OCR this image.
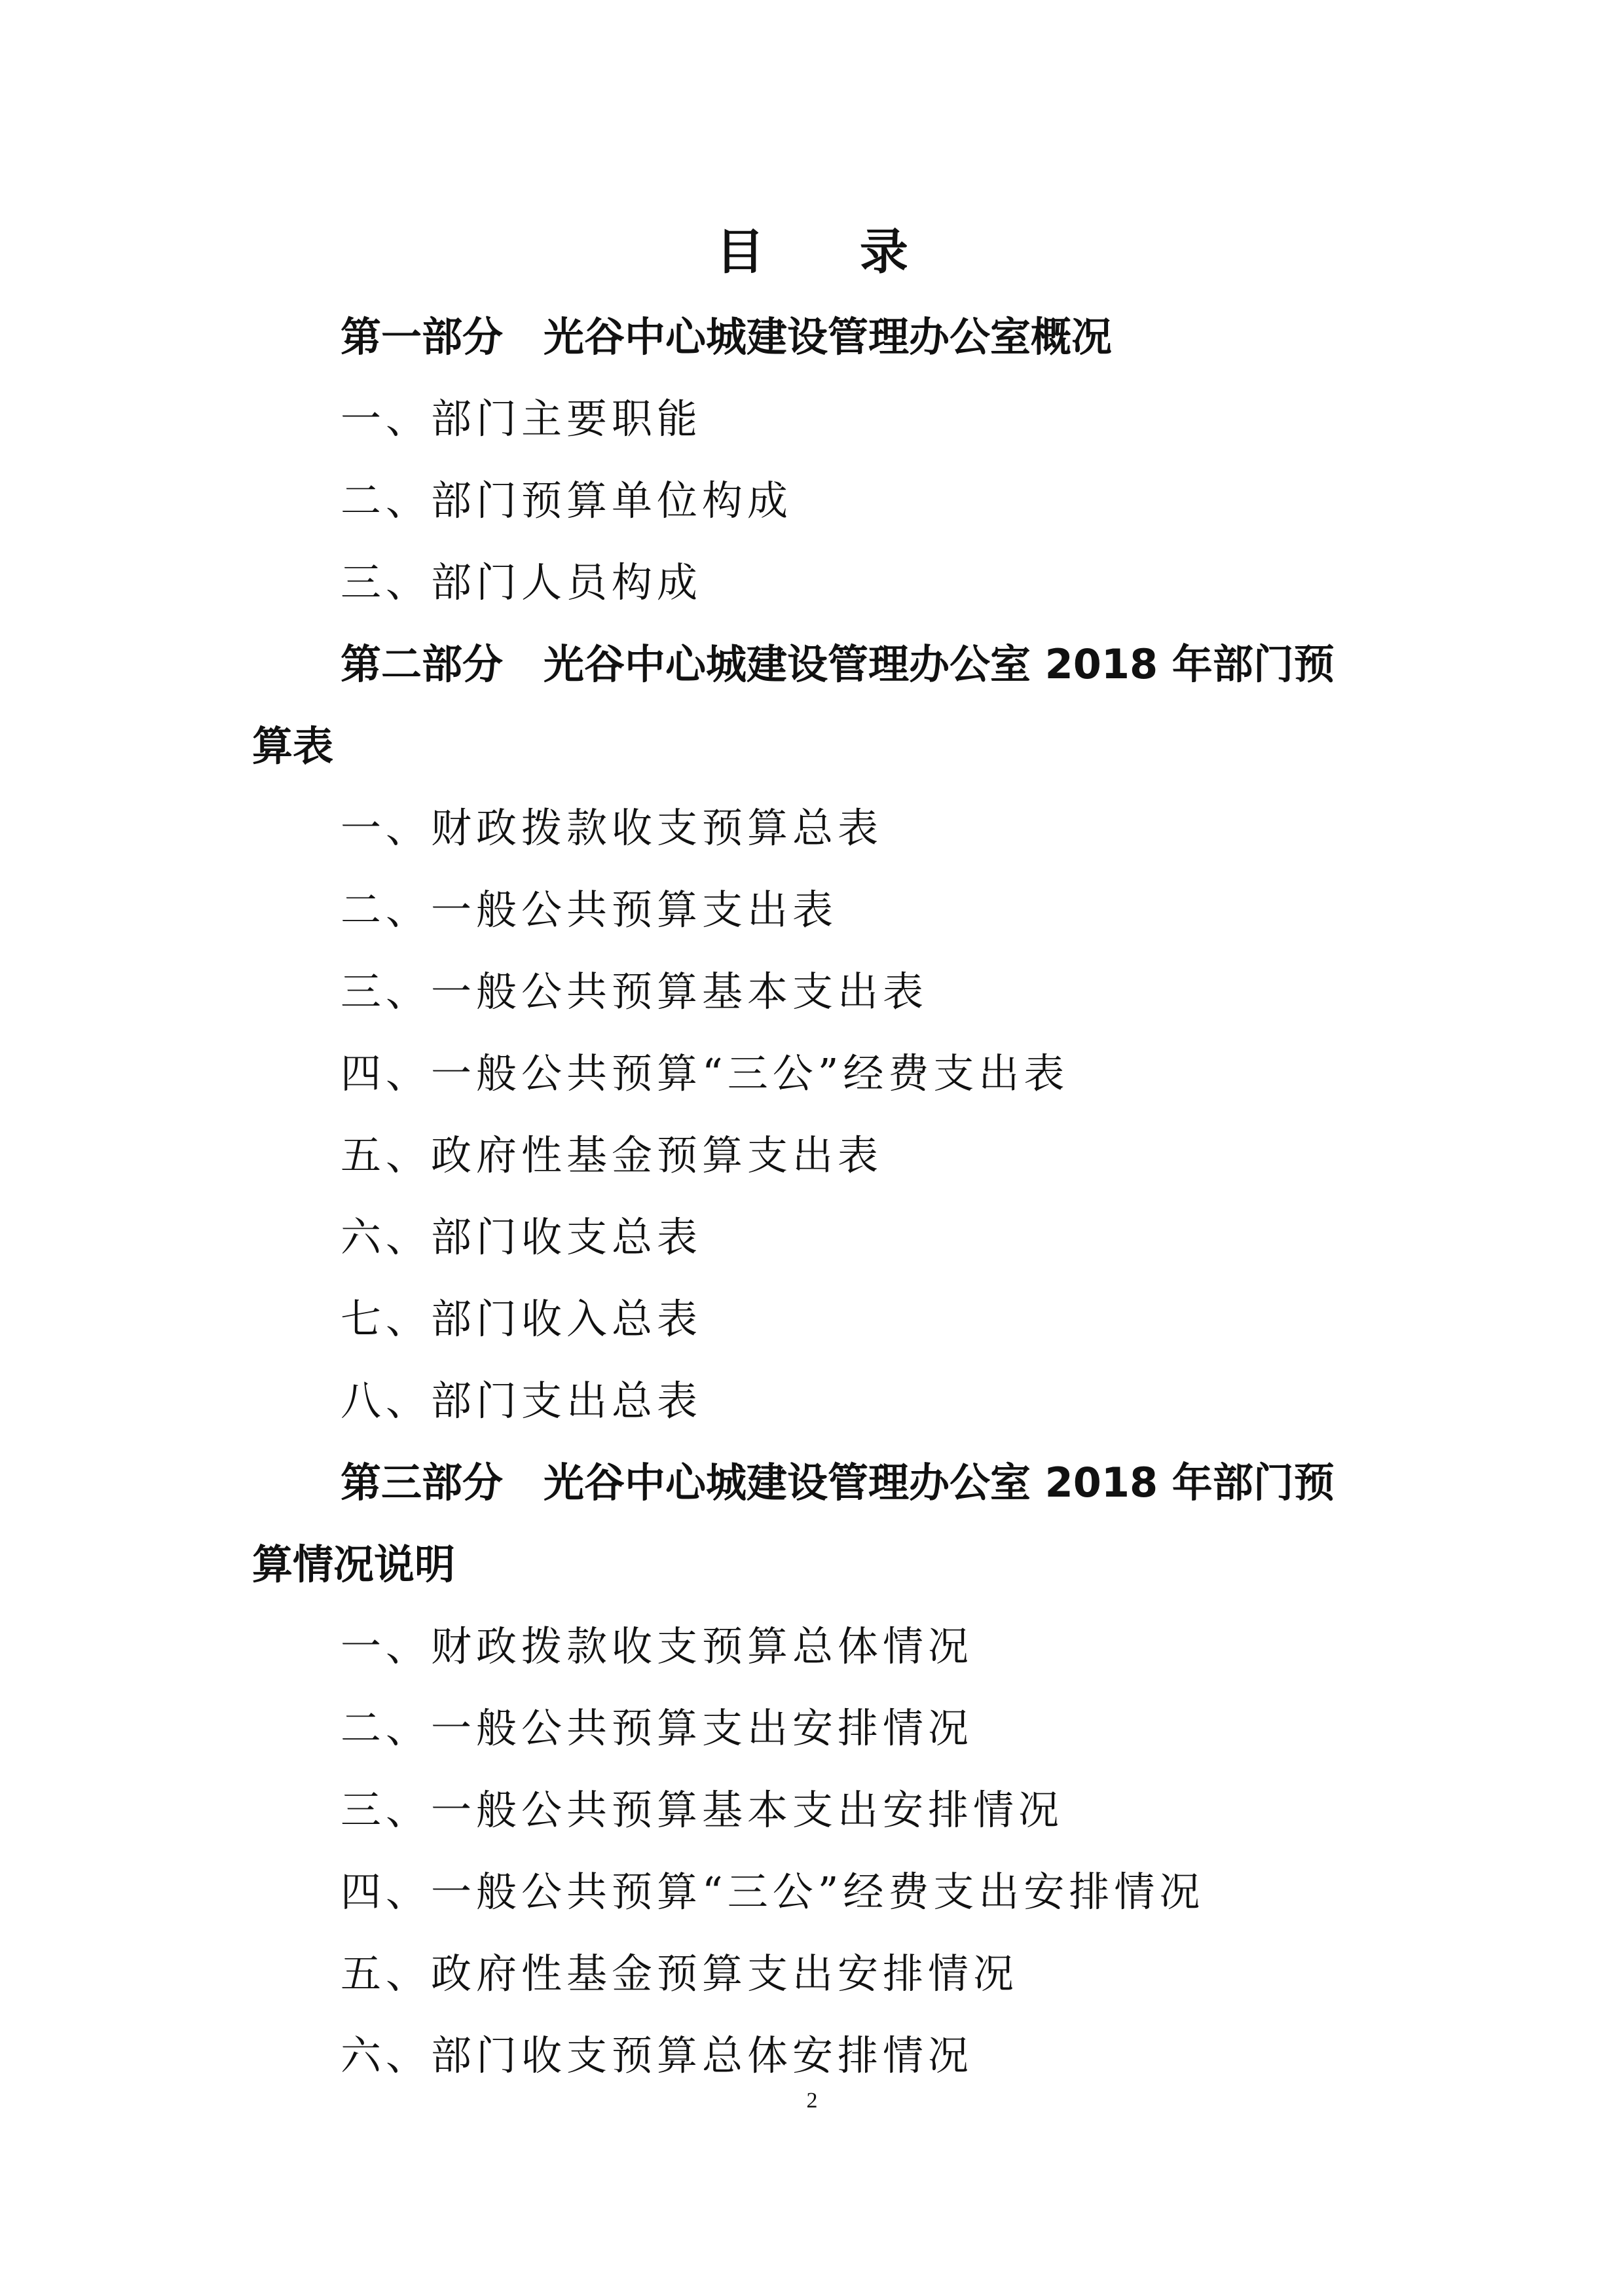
目 录
第一部分 光谷中心城建设管理办公室概况
一、部门主要职能
二、部门预算单位构成
三、部门人员构成
第二部分 光谷中心城建设管理办公室 2018 年部门预
算表
一、财政拨款收支预算总表
二、一般公共预算支出表
三、一般公共预算基本支出表
四、一般公共预算“三公”经费支出表
五、政府性基金预算支出表
六、部门收支总表
七、部门收入总表
八、部门支出总表
第三部分 光谷中心城建设管理办公室 2018 年部门预
算情况说明
一、财政拨款收支预算总体情况
二、一般公共预算支出安排情况
三、一般公共预算基本支出安排情况
四、一般公共预算“三公”经费支出安排情况
五、政府性基金预算支出安排情况
六、部门收支预算总体安排情况
2
